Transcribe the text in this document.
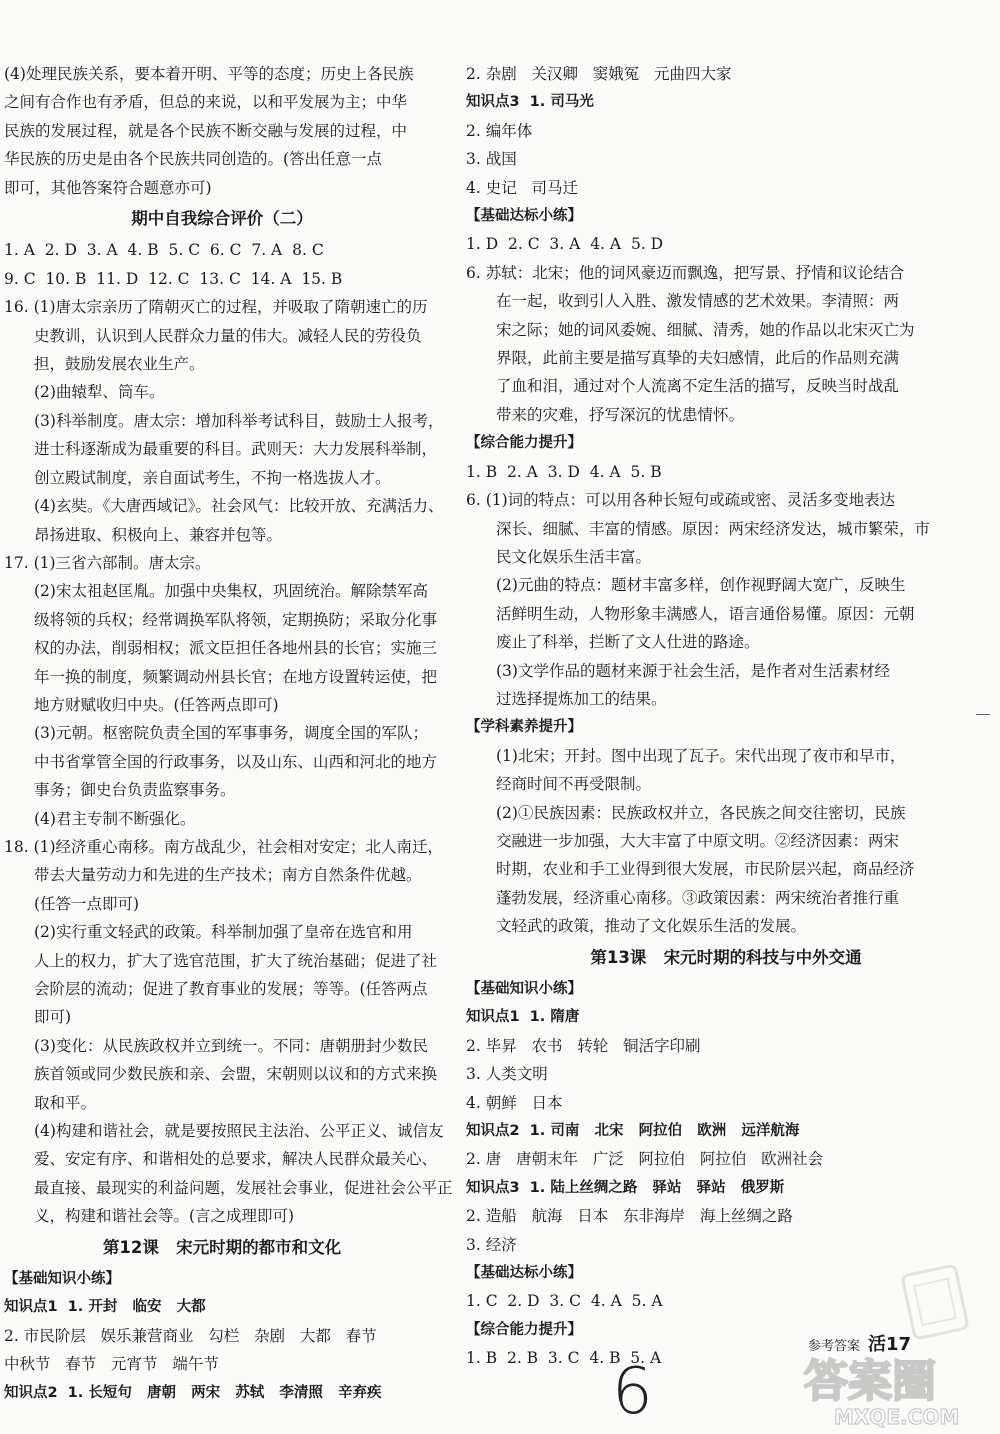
(4)处理民族关系，要本着开明、平等的态度；历史上各民族
之间有合作也有矛盾，但总的来说，以和平发展为主；中华
民族的发展过程，就是各个民族不断交融与发展的过程，中
华民族的历史是由各个民族共同创造的。(答出任意一点
即可，其他答案符合题意亦可)
期中自我综合评价（二）
1. A  2. D  3. A  4. B  5. C  6. C  7. A  8. C
9. C  10. B  11. D  12. C  13. C  14. A  15. B
16. (1)唐太宗亲历了隋朝灭亡的过程，并吸取了隋朝速亡的历
史教训，认识到人民群众力量的伟大。减轻人民的劳役负
担，鼓励发展农业生产。
(2)曲辕犁、筒车。
(3)科举制度。唐太宗：增加科举考试科目，鼓励士人报考，
进士科逐渐成为最重要的科目。武则天：大力发展科举制，
创立殿试制度，亲自面试考生，不拘一格选拔人才。
(4)玄奘。《大唐西域记》。社会风气：比较开放、充满活力、
昂扬进取、积极向上、兼容并包等。
17. (1)三省六部制。唐太宗。
(2)宋太祖赵匡胤。加强中央集权，巩固统治。解除禁军高
级将领的兵权；经常调换军队将领，定期换防；采取分化事
权的办法，削弱相权；派文臣担任各地州县的长官；实施三
年一换的制度，频繁调动州县长官；在地方设置转运使，把
地方财赋收归中央。(任答两点即可)
(3)元朝。枢密院负责全国的军事事务，调度全国的军队；
中书省掌管全国的行政事务，以及山东、山西和河北的地方
事务；御史台负责监察事务。
(4)君主专制不断强化。
18. (1)经济重心南移。南方战乱少，社会相对安定；北人南迁，
带去大量劳动力和先进的生产技术；南方自然条件优越。
(任答一点即可)
(2)实行重文轻武的政策。科举制加强了皇帝在选官和用
人上的权力，扩大了选官范围，扩大了统治基础；促进了社
会阶层的流动；促进了教育事业的发展；等等。(任答两点
即可)
(3)变化：从民族政权并立到统一。不同：唐朝册封少数民
族首领或同少数民族和亲、会盟，宋朝则以议和的方式来换
取和平。
(4)构建和谐社会，就是要按照民主法治、公平正义、诚信友
爱、安定有序、和谐相处的总要求，解决人民群众最关心、
最直接、最现实的利益问题，发展社会事业，促进社会公平正
义，构建和谐社会等。(言之成理即可)
第12课   宋元时期的都市和文化
【基础知识小练】
知识点1  1. 开封   临安   大都
2. 市民阶层   娱乐兼营商业   勾栏   杂剧   大都   春节
中秋节   春节   元宵节   端午节
知识点2  1. 长短句   唐朝   两宋   苏轼   李清照   辛弃疾
2. 杂剧   关汉卿   窦娥冤   元曲四大家
知识点3  1. 司马光
2. 编年体
3. 战国
4. 史记   司马迁
【基础达标小练】
1. D  2. C  3. A  4. A  5. D
6. 苏轼：北宋；他的词风豪迈而飘逸，把写景、抒情和议论结合
在一起，收到引人入胜、激发情感的艺术效果。李清照：两
宋之际；她的词风委婉、细腻、清秀，她的作品以北宋灭亡为
界限，此前主要是描写真挚的夫妇感情，此后的作品则充满
了血和泪，通过对个人流离不定生活的描写，反映当时战乱
带来的灾难，抒写深沉的忧患情怀。
【综合能力提升】
1. B  2. A  3. D  4. A  5. B
6. (1)词的特点：可以用各种长短句或疏或密、灵活多变地表达
深长、细腻、丰富的情感。原因：两宋经济发达，城市繁荣，市
民文化娱乐生活丰富。
(2)元曲的特点：题材丰富多样，创作视野阔大宽广，反映生
活鲜明生动，人物形象丰满感人，语言通俗易懂。原因：元朝
废止了科举，拦断了文人仕进的路途。
(3)文学作品的题材来源于社会生活，是作者对生活素材经
过选择提炼加工的结果。
【学科素养提升】
(1)北宋；开封。图中出现了瓦子。宋代出现了夜市和早市，
经商时间不再受限制。
(2)①民族因素：民族政权并立，各民族之间交往密切，民族
交融进一步加强，大大丰富了中原文明。②经济因素：两宋
时期，农业和手工业得到很大发展，市民阶层兴起，商品经济
蓬勃发展，经济重心南移。③政策因素：两宋统治者推行重
文轻武的政策，推动了文化娱乐生活的发展。
第13课   宋元时期的科技与中外交通
【基础知识小练】
知识点1  1. 隋唐
2. 毕昇   农书   转轮   铜活字印刷
3. 人类文明
4. 朝鲜   日本
知识点2  1. 司南   北宋   阿拉伯   欧洲   远洋航海
2. 唐   唐朝末年   广泛   阿拉伯   阿拉伯   欧洲社会
知识点3  1. 陆上丝绸之路   驿站   驿站   俄罗斯
2. 造船   航海   日本   东非海岸   海上丝绸之路
3. 经济
【基础达标小练】
1. C  2. D  3. C  4. A  5. A
【综合能力提升】
1. B  2. B  3. C  4. B  5. A
参考答案 活17
6	答案圈
MXQE.COM
